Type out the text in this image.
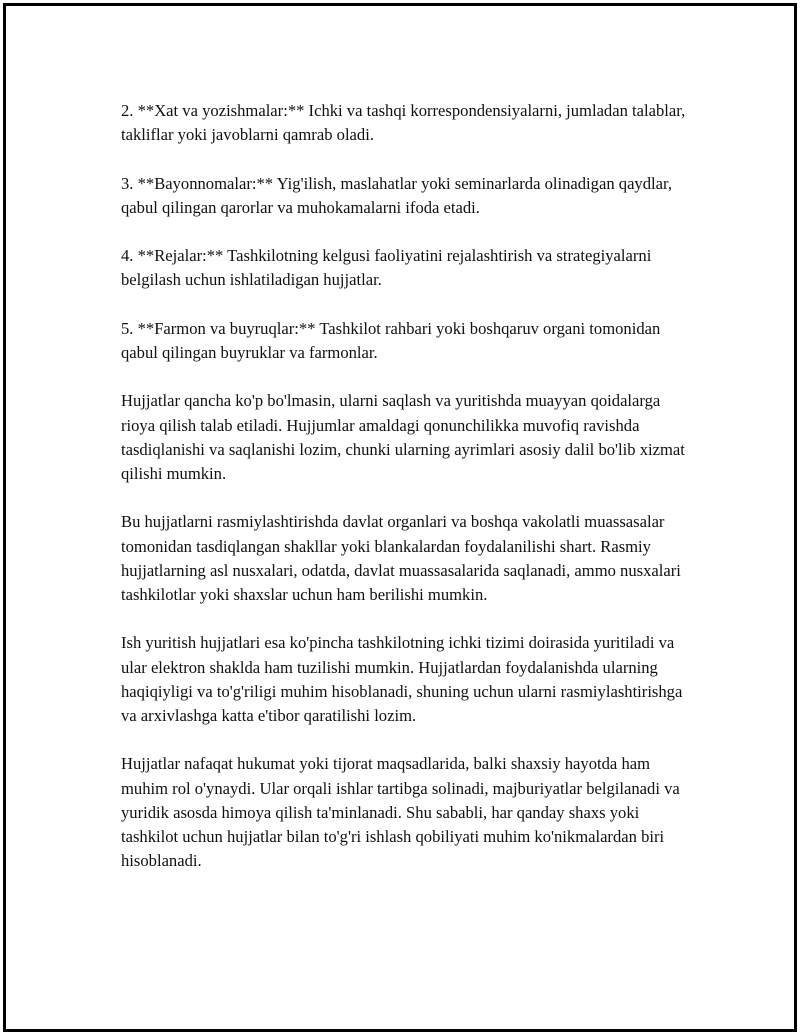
2. **Xat va yozishmalar:** Ichki va tashqi korrespondensiyalarni, jumladan talablar, takliflar yoki javoblarni qamrab oladi.

3. **Bayonnomalar:** Yig'ilish, maslahatlar yoki seminarlarda olinadigan qaydlar, qabul qilingan qarorlar va muhokamalarni ifoda etadi.

4. **Rejalar:** Tashkilotning kelgusi faoliyatini rejalashtirish va strategiyalarni belgilash uchun ishlatiladigan hujjatlar.

5. **Farmon va buyruqlar:** Tashkilot rahbari yoki boshqaruv organi tomonidan qabul qilingan buyruklar va farmonlar.

Hujjatlar qancha ko'p bo'lmasin, ularni saqlash va yuritishda muayyan qoidalarga rioya qilish talab etiladi. Hujjumlar amaldagi qonunchilikka muvofiq ravishda tasdiqlanishi va saqlanishi lozim, chunki ularning ayrimlari asosiy dalil bo'lib xizmat qilishi mumkin.

Bu hujjatlarni rasmiylashtirishda davlat organlari va boshqa vakolatli muassasalar tomonidan tasdiqlangan shakllar yoki blankalardan foydalanilishi shart. Rasmiy hujjatlarning asl nusxalari, odatda, davlat muassasalarida saqlanadi, ammo nusxalari tashkilotlar yoki shaxslar uchun ham berilishi mumkin.

Ish yuritish hujjatlari esa ko'pincha tashkilotning ichki tizimi doirasida yuritiladi va ular elektron shaklda ham tuzilishi mumkin. Hujjatlardan foydalanishda ularning haqiqiyligi va to'g'riligi muhim hisoblanadi, shuning uchun ularni rasmiylashtirishga va arxivlashga katta e'tibor qaratilishi lozim.

Hujjatlar nafaqat hukumat yoki tijorat maqsadlarida, balki shaxsiy hayotda ham muhim rol o'ynaydi. Ular orqali ishlar tartibga solinadi, majburiyatlar belgilanadi va yuridik asosda himoya qilish ta'minlanadi. Shu sababli, har qanday shaxs yoki tashkilot uchun hujjatlar bilan to'g'ri ishlash qobiliyati muhim ko'nikmalardan biri hisoblanadi.
